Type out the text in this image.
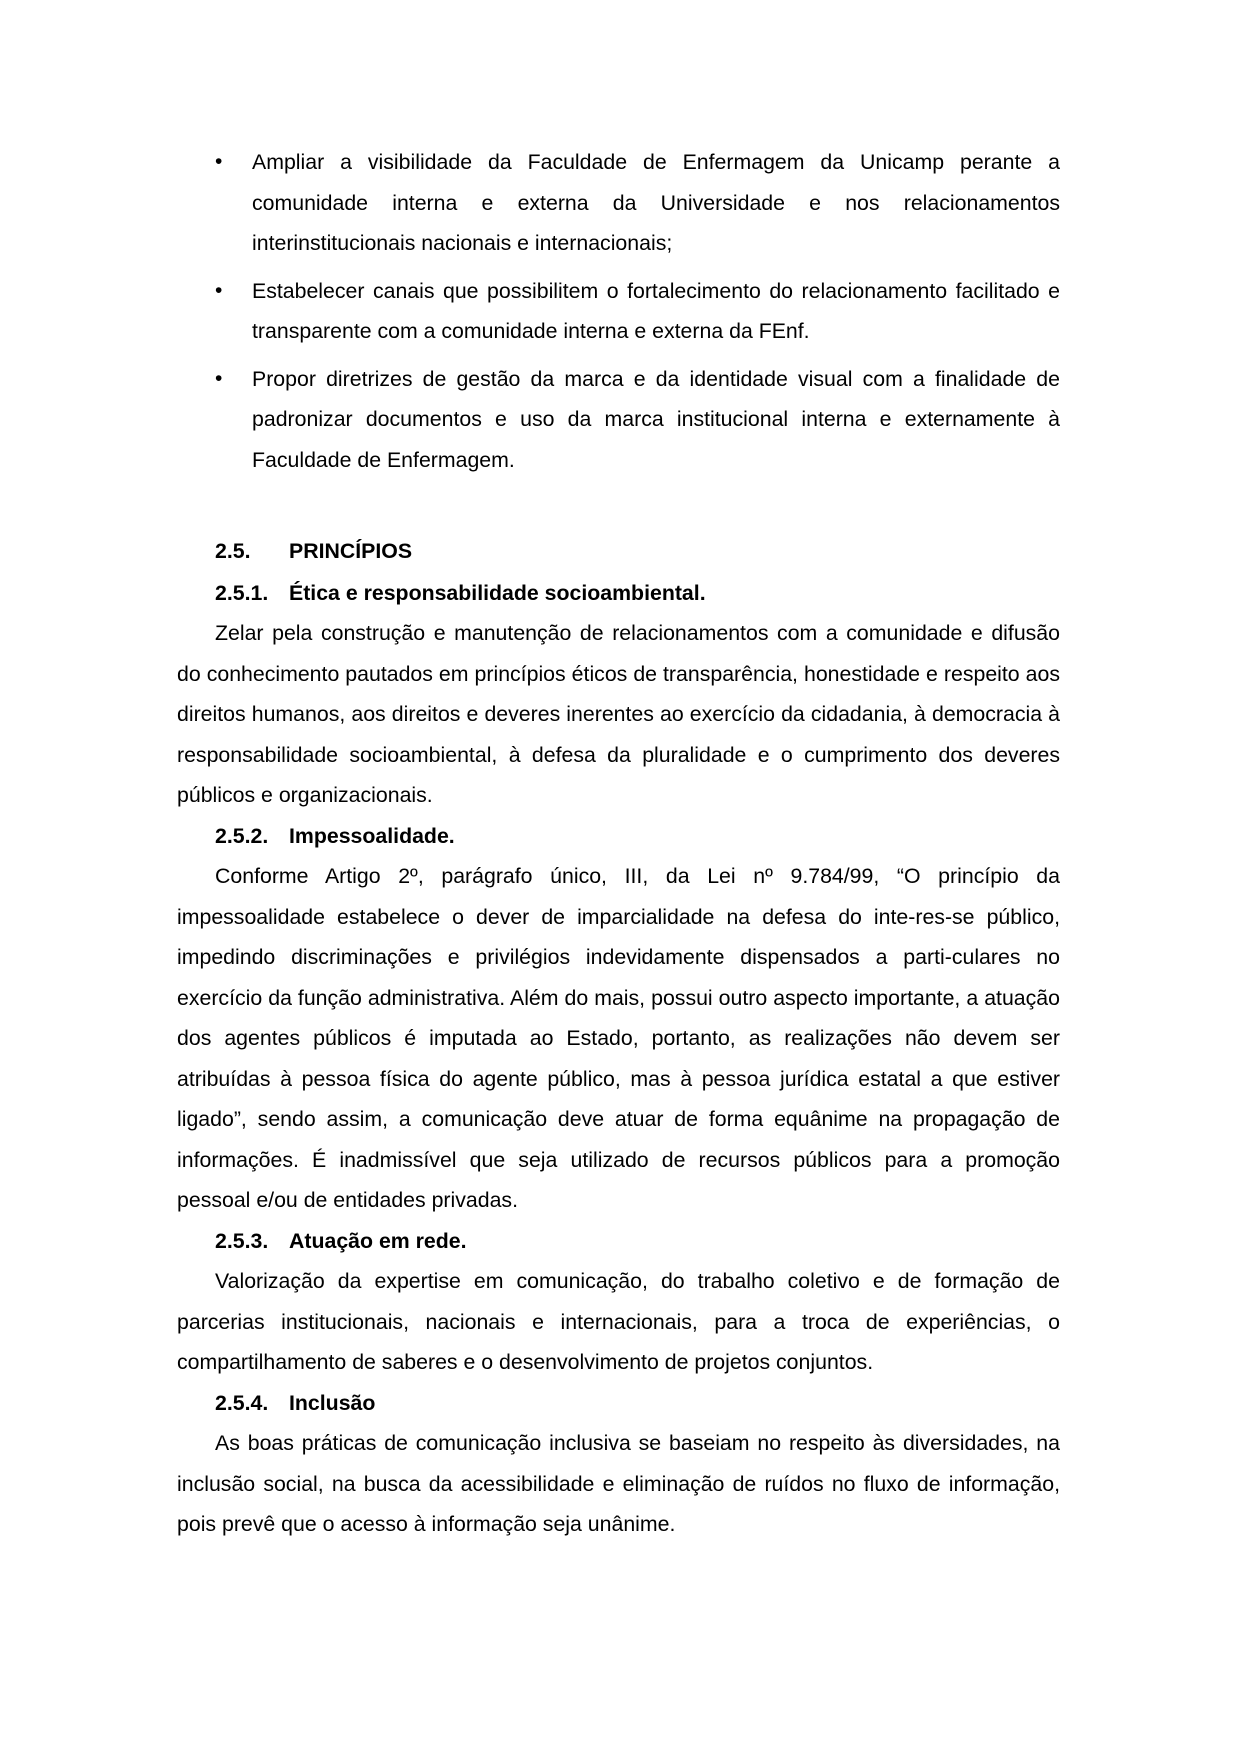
• Ampliar a visibilidade da Faculdade de Enfermagem da Unicamp perante a comunidade interna e externa da Universidade e nos relacionamentos interinstitucionais nacionais e internacionais;
• Estabelecer canais que possibilitem o fortalecimento do relacionamento facilitado e transparente com a comunidade interna e externa da FEnf.
• Propor diretrizes de gestão da marca e da identidade visual com a finalidade de padronizar documentos e uso da marca institucional interna e externamente à Faculdade de Enfermagem.
2.5. PRINCÍPIOS
2.5.1. Ética e responsabilidade socioambiental.

Zelar pela construção e manutenção de relacionamentos com a comunidade e difusão do conhecimento pautados em princípios éticos de transparência, honestidade e respeito aos direitos humanos, aos direitos e deveres inerentes ao exercício da cidadania, à democracia à responsabilidade socioambiental, à defesa da pluralidade e o cumprimento dos deveres públicos e organizacionais.

2.5.2. Impessoalidade.

Conforme Artigo 2º, parágrafo único, III, da Lei nº 9.784/99, “O princípio da impessoalidade estabelece o dever de imparcialidade na defesa do inte-res-se público, impedindo discriminações e privilégios indevidamente dispensados a parti-culares no exercício da função administrativa. Além do mais, possui outro aspecto importante, a atuação dos agentes públicos é imputada ao Estado, portanto, as realizações não devem ser atribuídas à pessoa física do agente público, mas à pessoa jurídica estatal a que estiver ligado”, sendo assim, a comunicação deve atuar de forma equânime na propagação de informações. É inadmissível que seja utilizado de recursos públicos para a promoção pessoal e/ou de entidades privadas.

2.5.3. Atuação em rede.

Valorização da expertise em comunicação, do trabalho coletivo e de formação de parcerias institucionais, nacionais e internacionais, para a troca de experiências, o compartilhamento de saberes e o desenvolvimento de projetos conjuntos.

2.5.4. Inclusão

As boas práticas de comunicação inclusiva se baseiam no respeito às diversidades, na inclusão social, na busca da acessibilidade e eliminação de ruídos no fluxo de informação, pois prevê que o acesso à informação seja unânime.
